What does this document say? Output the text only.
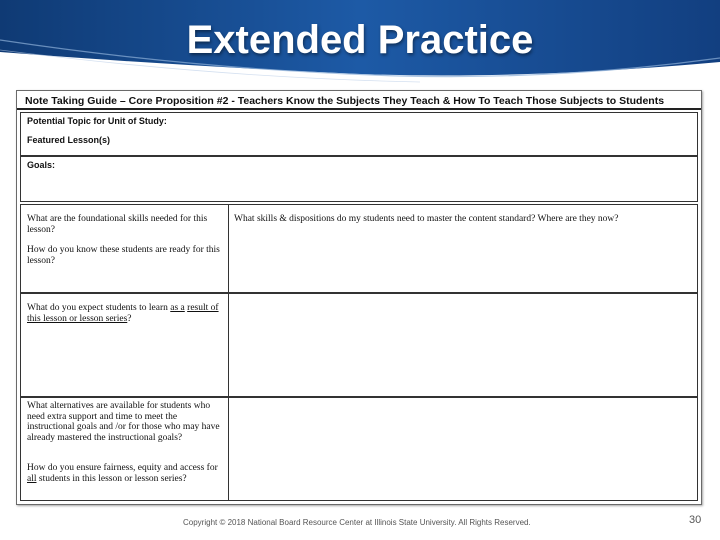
Extended Practice
Note Taking Guide – Core Proposition #2 - Teachers Know the Subjects They Teach & How To Teach Those Subjects to Students
Potential Topic for Unit of Study:
Featured Lesson(s)
Goals:
What are the foundational skills needed for this lesson?
How do you know these students are ready for this lesson?
What skills & dispositions do my students need to master the content standard? Where are they now?
What do you expect students to learn as a result of this lesson or lesson series?
What alternatives are available for students who need extra support and time to meet the instructional goals and /or for those who may have already mastered the instructional goals?
How do you ensure fairness, equity and access for all students in this lesson or lesson series?
Copyright © 2018 National Board Resource Center at Illinois State University. All Rights Reserved.	30
